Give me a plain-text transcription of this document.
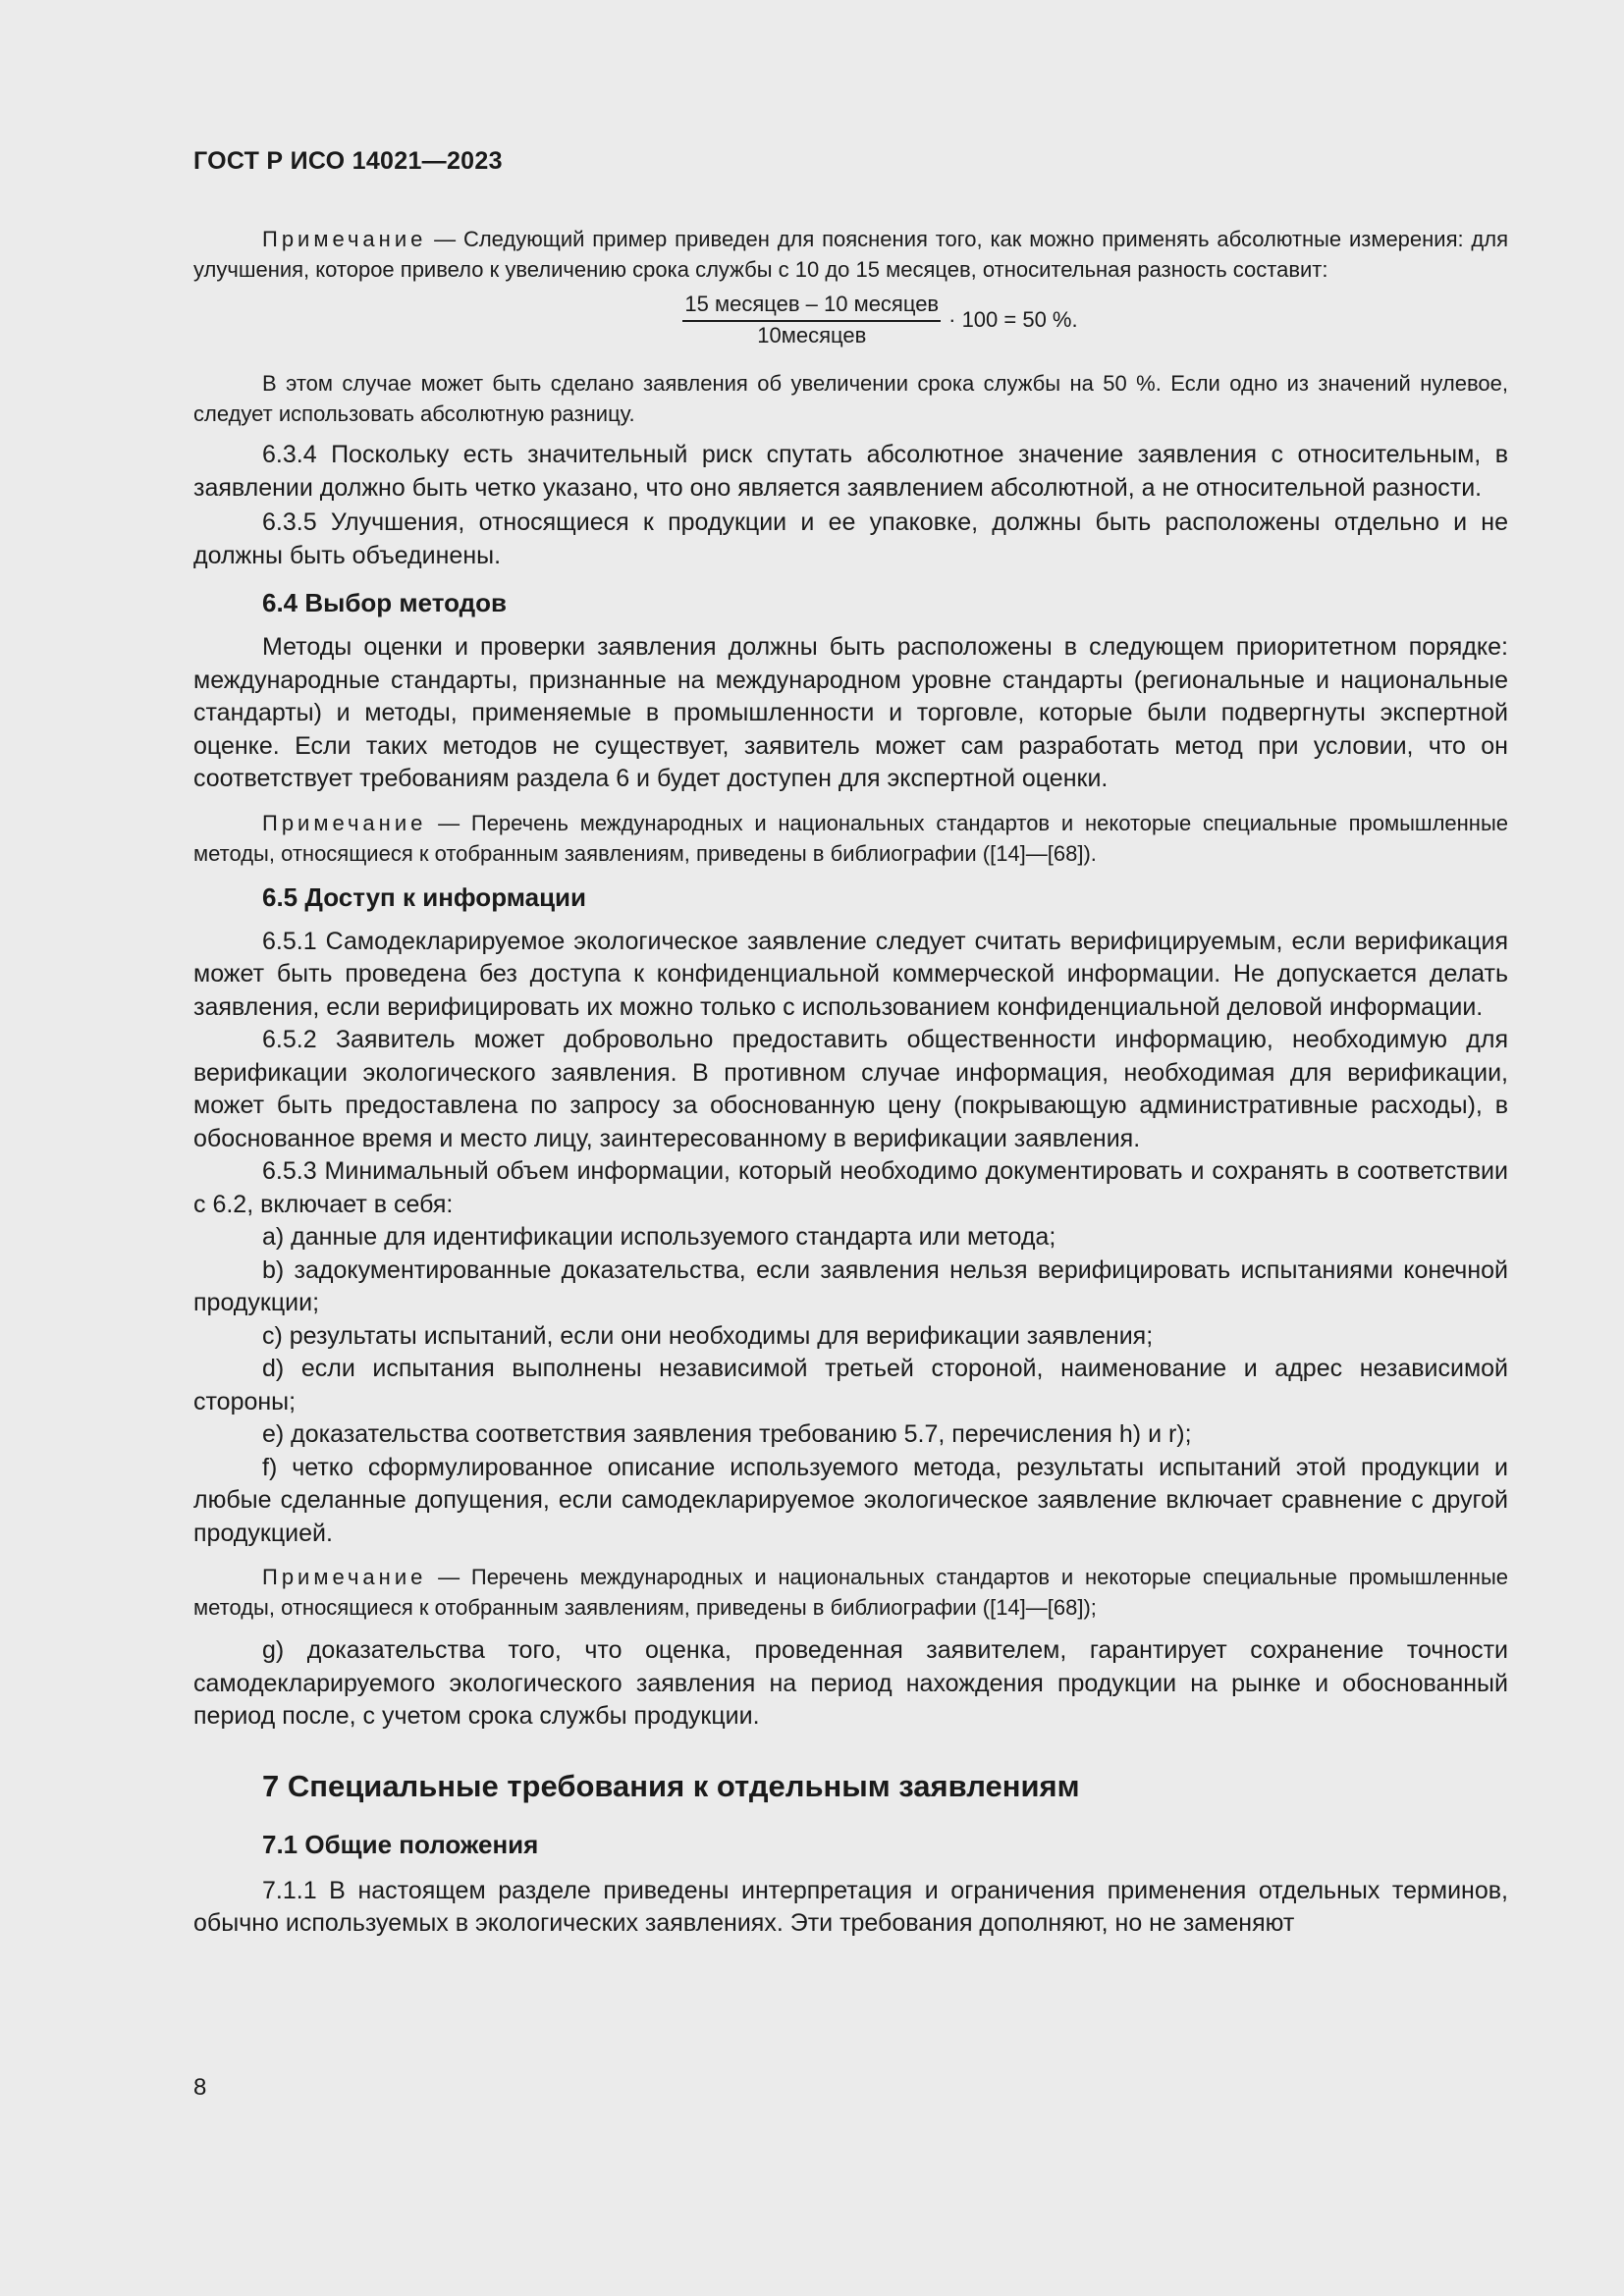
ГОСТ Р ИСО 14021—2023

Примечание — Следующий пример приведен для пояснения того, как можно применять абсолютные измерения: для улучшения, которое привело к увеличению срока службы с 10 до 15 месяцев, относительная разность составит:

$\frac{\text{15 месяцев – 10 месяцев}}{\text{10месяцев}} \cdot 100 = 50$ %.

В этом случае может быть сделано заявления об увеличении срока службы на 50 %. Если одно из значений нулевое, следует использовать абсолютную разницу.

6.3.4 Поскольку есть значительный риск спутать абсолютное значение заявления с относительным, в заявлении должно быть четко указано, что оно является заявлением абсолютной, а не относительной разности.

6.3.5 Улучшения, относящиеся к продукции и ее упаковке, должны быть расположены отдельно и не должны быть объединены.

6.4 Выбор методов

Методы оценки и проверки заявления должны быть расположены в следующем приоритетном порядке: международные стандарты, признанные на международном уровне стандарты (региональные и национальные стандарты) и методы, применяемые в промышленности и торговле, которые были подвергнуты экспертной оценке. Если таких методов не существует, заявитель может сам разработать метод при условии, что он соответствует требованиям раздела 6 и будет доступен для экспертной оценки.

Примечание — Перечень международных и национальных стандартов и некоторые специальные промышленные методы, относящиеся к отобранным заявлениям, приведены в библиографии ([14]—[68]).

6.5 Доступ к информации

6.5.1 Самодекларируемое экологическое заявление следует считать верифицируемым, если верификация может быть проведена без доступа к конфиденциальной коммерческой информации. Не допускается делать заявления, если верифицировать их можно только с использованием конфиденциальной деловой информации.

6.5.2 Заявитель может добровольно предоставить общественности информацию, необходимую для верификации экологического заявления. В противном случае информация, необходимая для верификации, может быть предоставлена по запросу за обоснованную цену (покрывающую административные расходы), в обоснованное время и место лицу, заинтересованному в верификации заявления.

6.5.3 Минимальный объем информации, который необходимо документировать и сохранять в соответствии с 6.2, включает в себя:

a) данные для идентификации используемого стандарта или метода;

b) задокументированные доказательства, если заявления нельзя верифицировать испытаниями конечной продукции;

c) результаты испытаний, если они необходимы для верификации заявления;

d) если испытания выполнены независимой третьей стороной, наименование и адрес независимой стороны;

e) доказательства соответствия заявления требованию 5.7, перечисления h) и r);

f) четко сформулированное описание используемого метода, результаты испытаний этой продукции и любые сделанные допущения, если самодекларируемое экологическое заявление включает сравнение с другой продукцией.

Примечание — Перечень международных и национальных стандартов и некоторые специальные промышленные методы, относящиеся к отобранным заявлениям, приведены в библиографии ([14]—[68]);

g) доказательства того, что оценка, проведенная заявителем, гарантирует сохранение точности самодекларируемого экологического заявления на период нахождения продукции на рынке и обоснованный период после, с учетом срока службы продукции.

7 Специальные требования к отдельным заявлениям

7.1 Общие положения

7.1.1 В настоящем разделе приведены интерпретация и ограничения применения отдельных терминов, обычно используемых в экологических заявлениях. Эти требования дополняют, но не заменяют

8
